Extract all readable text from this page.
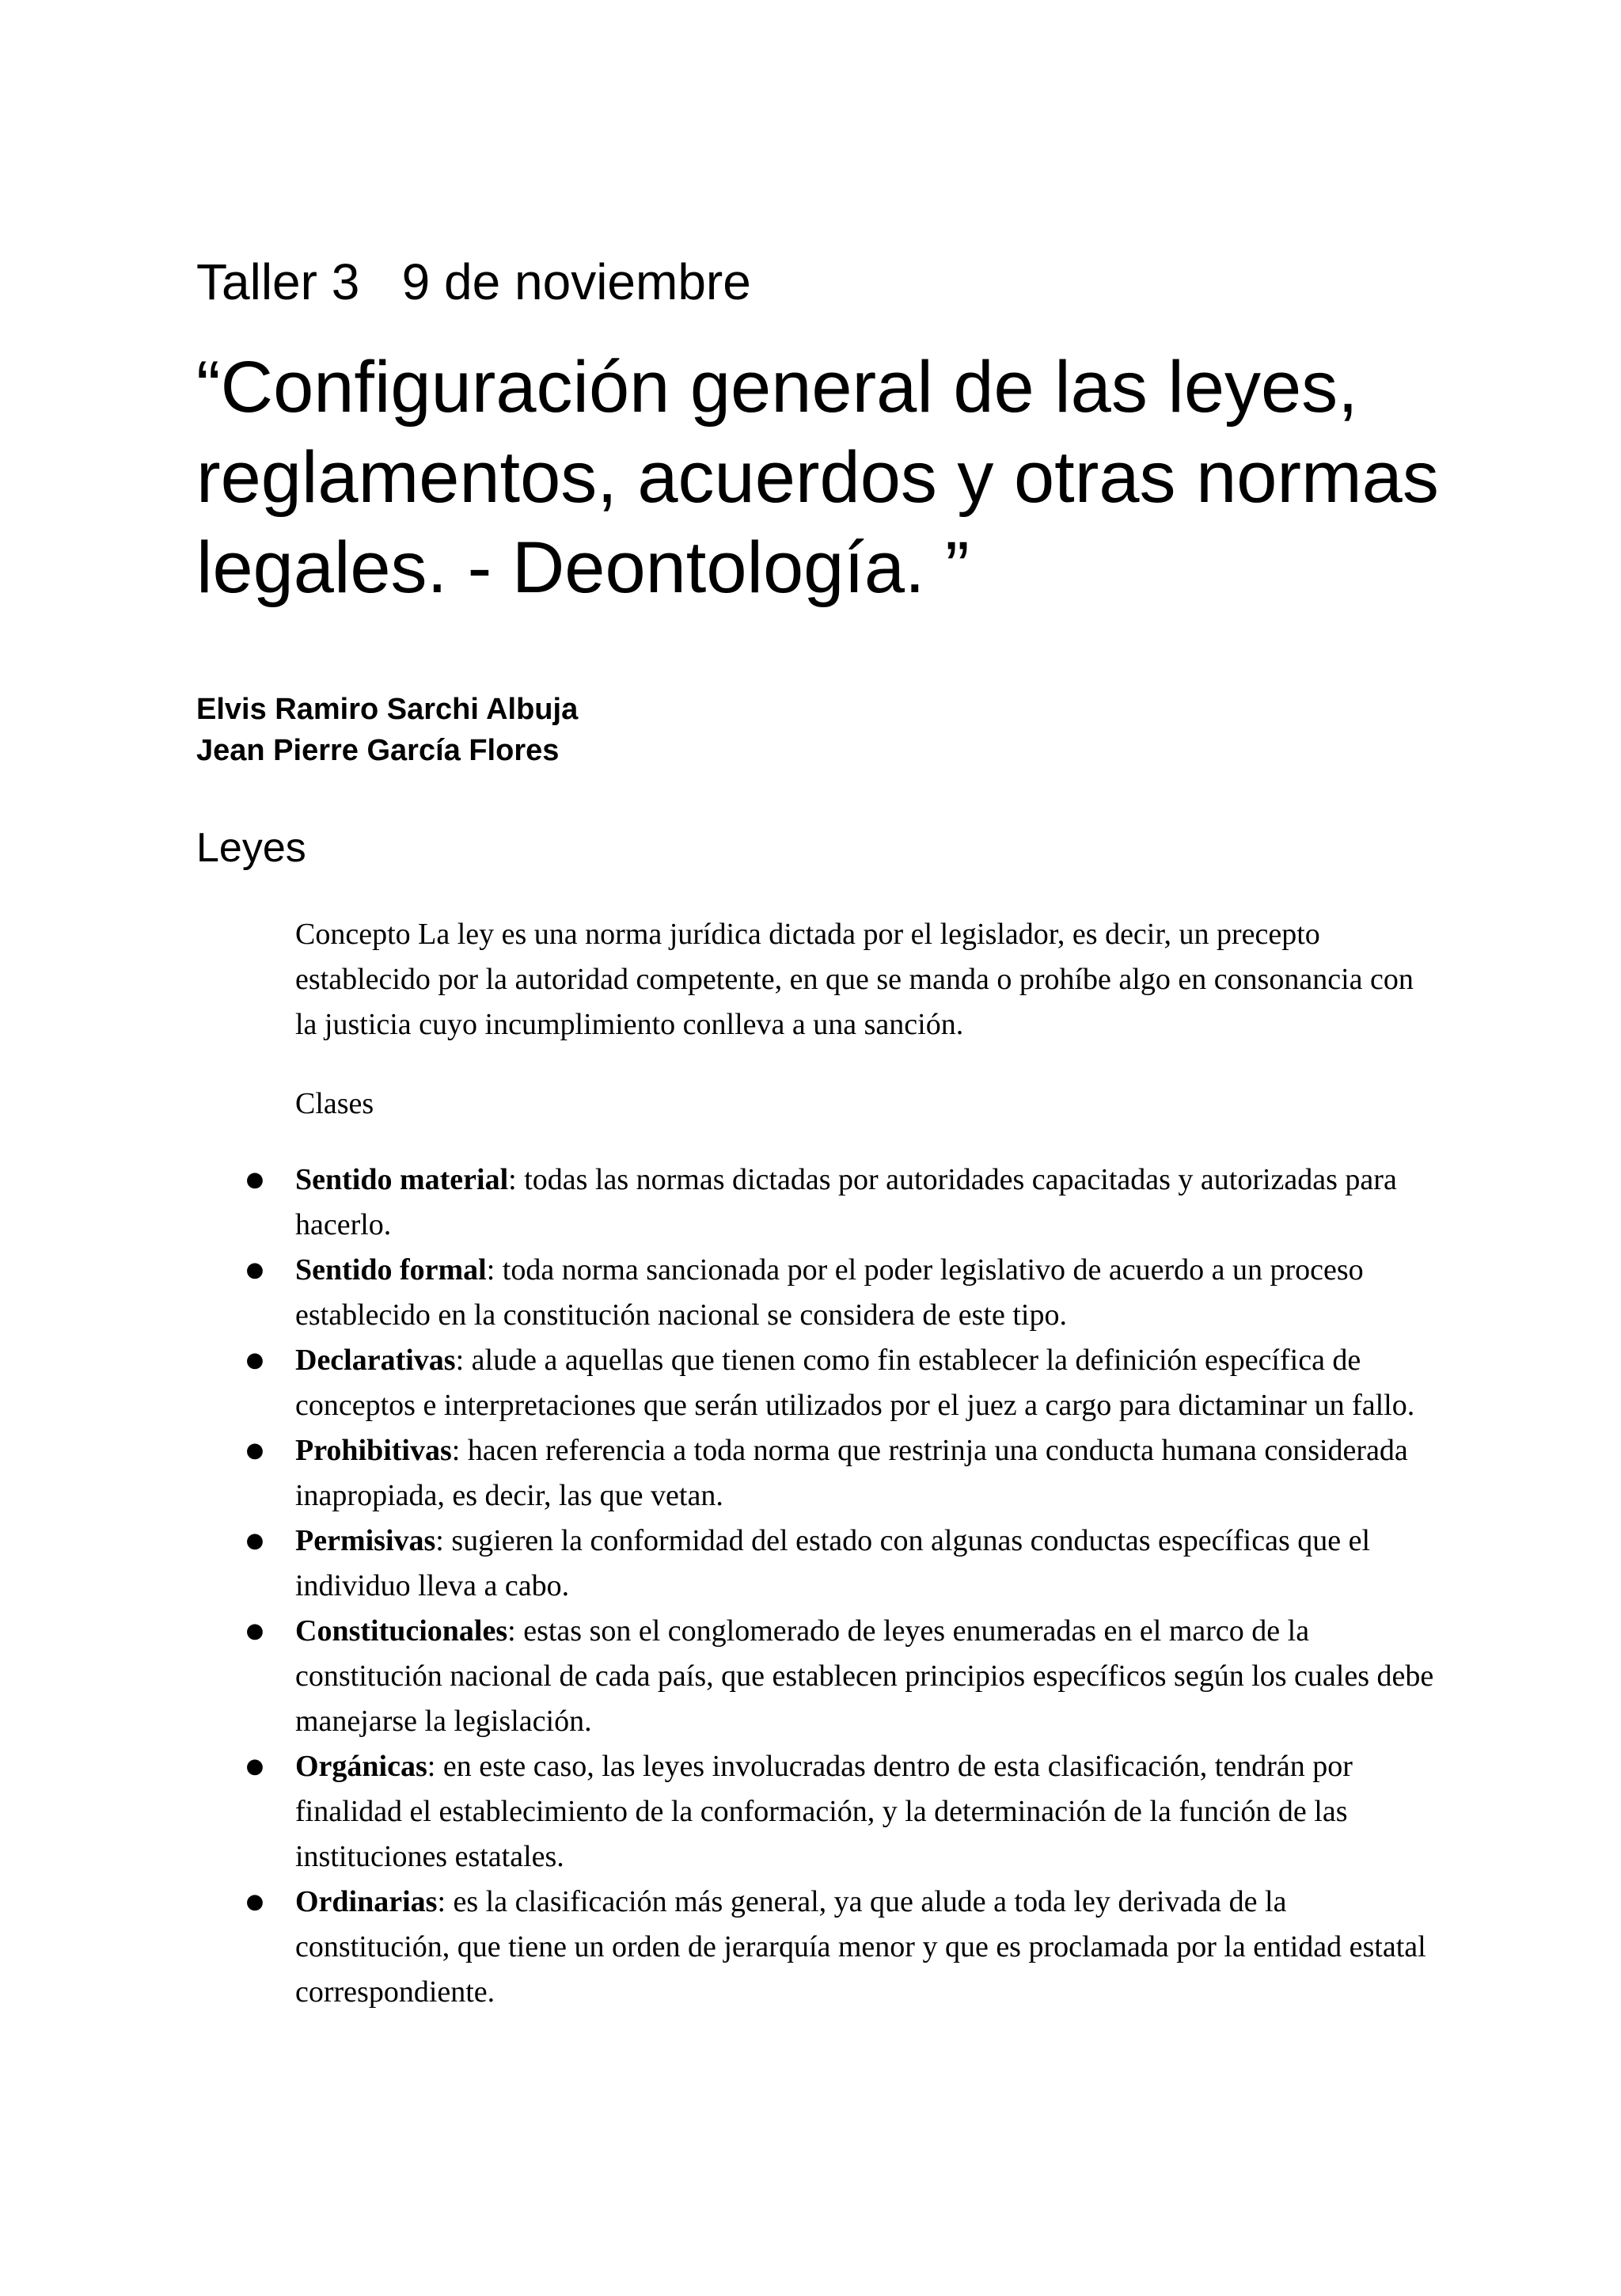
Taller 3   9 de noviembre
“Configuración general de las leyes, reglamentos, acuerdos y otras normas legales. - Deontología. ”
Elvis Ramiro Sarchi Albuja
Jean Pierre García Flores
Leyes
Concepto La ley es una norma jurídica dictada por el legislador, es decir, un precepto establecido por la autoridad competente, en que se manda o prohíbe algo en consonancia con la justicia cuyo incumplimiento conlleva a una sanción.
Clases
● Sentido material: todas las normas dictadas por autoridades capacitadas y autorizadas para hacerlo.
● Sentido formal: toda norma sancionada por el poder legislativo de acuerdo a un proceso establecido en la constitución nacional se considera de este tipo.
● Declarativas: alude a aquellas que tienen como fin establecer la definición específica de conceptos e interpretaciones que serán utilizados por el juez a cargo para dictaminar un fallo.
● Prohibitivas: hacen referencia a toda norma que restrinja una conducta humana considerada inapropiada, es decir, las que vetan.
● Permisivas: sugieren la conformidad del estado con algunas conductas específicas que el individuo lleva a cabo.
● Constitucionales: estas son el conglomerado de leyes enumeradas en el marco de la constitución nacional de cada país, que establecen principios específicos según los cuales debe manejarse la legislación.
● Orgánicas: en este caso, las leyes involucradas dentro de esta clasificación, tendrán por finalidad el establecimiento de la conformación, y la determinación de la función de las instituciones estatales.
● Ordinarias: es la clasificación más general, ya que alude a toda ley derivada de la constitución, que tiene un orden de jerarquía menor y que es proclamada por la entidad estatal correspondiente.
